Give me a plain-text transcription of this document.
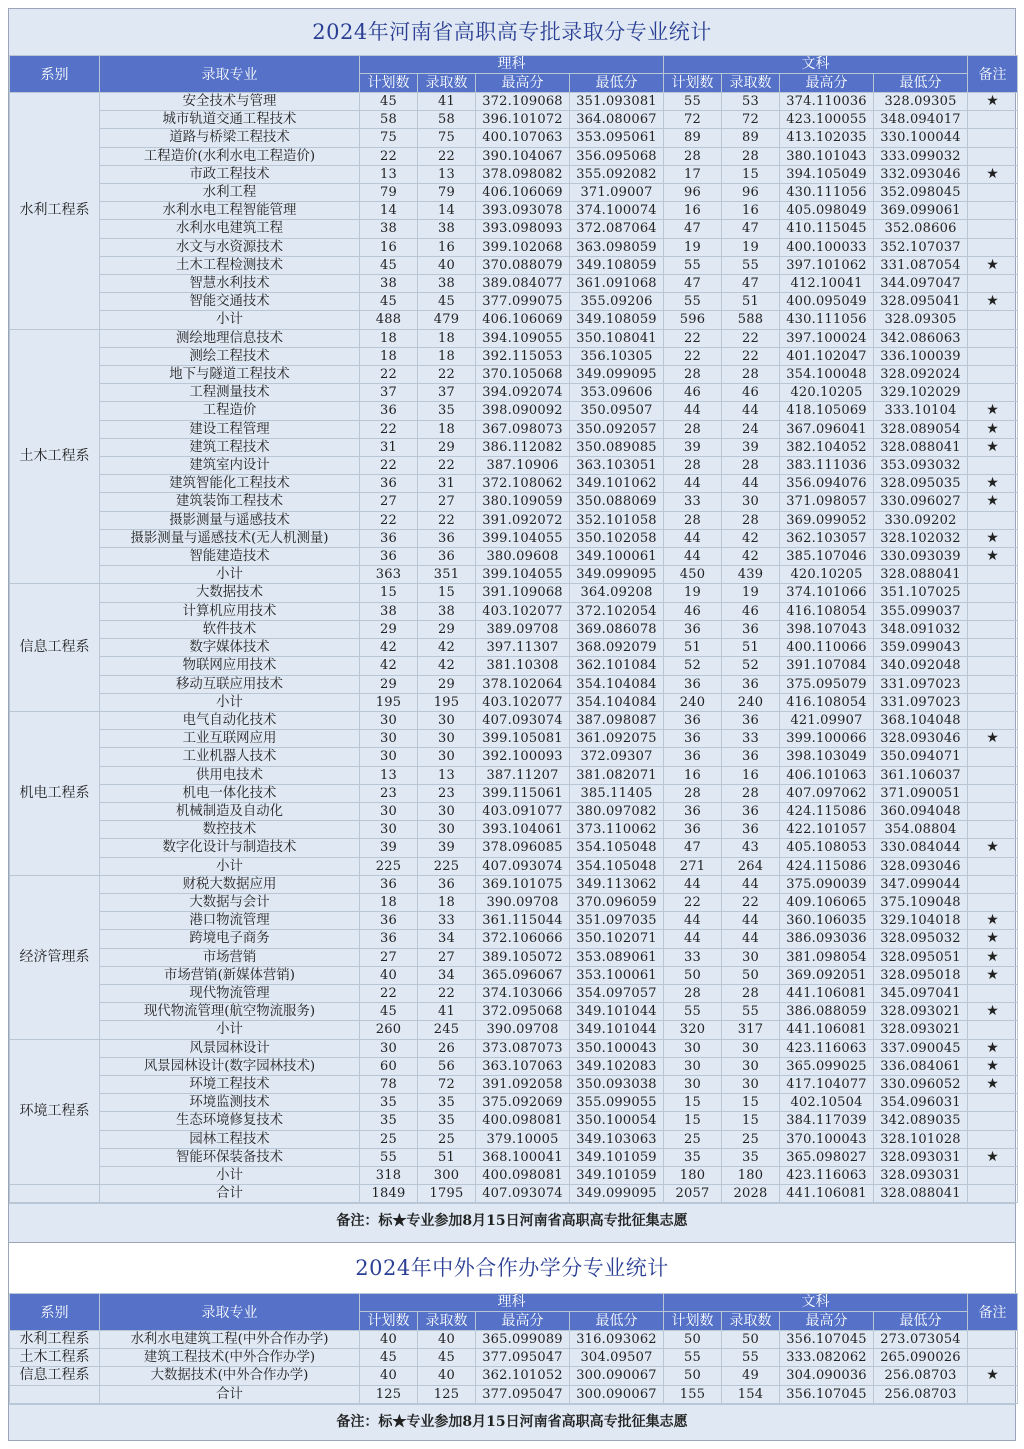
2024年河南省高职高专批录取分专业统计
系别	录取专业	理科				文科				备注
		计划数	录取数	最高分	最低分	计划数	录取数	最高分	最低分	
水利工程系	安全技术与管理	45	41	372.109068	351.093081	55	53	374.110036	328.09305	★
	城市轨道交通工程技术	58	58	396.101072	364.080067	72	72	423.100055	348.094017	
	道路与桥梁工程技术	75	75	400.107063	353.095061	89	89	413.102035	330.100044	
	工程造价(水利水电工程造价)	22	22	390.104067	356.095068	28	28	380.101043	333.099032	
	市政工程技术	13	13	378.098082	355.092082	17	15	394.105049	332.093046	★
	水利工程	79	79	406.106069	371.09007	96	96	430.111056	352.098045	
	水利水电工程智能管理	14	14	393.093078	374.100074	16	16	405.098049	369.099061	
	水利水电建筑工程	38	38	393.098093	372.087064	47	47	410.115045	352.08606	
	水文与水资源技术	16	16	399.102068	363.098059	19	19	400.100033	352.107037	
	土木工程检测技术	45	40	370.088079	349.108059	55	55	397.101062	331.087054	★
	智慧水利技术	38	38	389.084077	361.091068	47	47	412.10041	344.097047	
	智能交通技术	45	45	377.099075	355.09206	55	51	400.095049	328.095041	★
	小计	488	479	406.106069	349.108059	596	588	430.111056	328.09305	
土木工程系	测绘地理信息技术	18	18	394.109055	350.108041	22	22	397.100024	342.086063	
	测绘工程技术	18	18	392.115053	356.10305	22	22	401.102047	336.100039	
	地下与隧道工程技术	22	22	370.105068	349.099095	28	28	354.100048	328.092024	
	工程测量技术	37	37	394.092074	353.09606	46	46	420.10205	329.102029	
	工程造价	36	35	398.090092	350.09507	44	44	418.105069	333.10104	★
	建设工程管理	22	18	367.098073	350.092057	28	24	367.096041	328.089054	★
	建筑工程技术	31	29	386.112082	350.089085	39	39	382.104052	328.088041	★
	建筑室内设计	22	22	387.10906	363.103051	28	28	383.111036	353.093032	
	建筑智能化工程技术	36	31	372.108062	349.101062	44	44	356.094076	328.095035	★
	建筑装饰工程技术	27	27	380.109059	350.088069	33	30	371.098057	330.096027	★
	摄影测量与遥感技术	22	22	391.092072	352.101058	28	28	369.099052	330.09202	
	摄影测量与遥感技术(无人机测量)	36	36	399.104055	350.102058	44	42	362.103057	328.102032	★
	智能建造技术	36	36	380.09608	349.100061	44	42	385.107046	330.093039	★
	小计	363	351	399.104055	349.099095	450	439	420.10205	328.088041	
信息工程系	大数据技术	15	15	391.109068	364.09208	19	19	374.101066	351.107025	
	计算机应用技术	38	38	403.102077	372.102054	46	46	416.108054	355.099037	
	软件技术	29	29	389.09708	369.086078	36	36	398.107043	348.091032	
	数字媒体技术	42	42	397.11307	368.092079	51	51	400.110066	359.099043	
	物联网应用技术	42	42	381.10308	362.101084	52	52	391.107084	340.092048	
	移动互联应用技术	29	29	378.102064	354.104084	36	36	375.095079	331.097023	
	小计	195	195	403.102077	354.104084	240	240	416.108054	331.097023	
机电工程系	电气自动化技术	30	30	407.093074	387.098087	36	36	421.09907	368.104048	
	工业互联网应用	30	30	399.105081	361.092075	36	33	399.100066	328.093046	★
	工业机器人技术	30	30	392.100093	372.09307	36	36	398.103049	350.094071	
	供用电技术	13	13	387.11207	381.082071	16	16	406.101063	361.106037	
	机电一体化技术	23	23	399.115061	385.11405	28	28	407.097062	371.090051	
	机械制造及自动化	30	30	403.091077	380.097082	36	36	424.115086	360.094048	
	数控技术	30	30	393.104061	373.110062	36	36	422.101057	354.08804	
	数字化设计与制造技术	39	39	378.096085	354.105048	47	43	405.108053	330.084044	★
	小计	225	225	407.093074	354.105048	271	264	424.115086	328.093046	
经济管理系	财税大数据应用	36	36	369.101075	349.113062	44	44	375.090039	347.099044	
	大数据与会计	18	18	390.09708	370.096059	22	22	409.106065	375.109048	
	港口物流管理	36	33	361.115044	351.097035	44	44	360.106035	329.104018	★
	跨境电子商务	36	34	372.106066	350.102071	44	44	386.093036	328.095032	★
	市场营销	27	27	389.105072	353.089061	33	30	381.098054	328.095051	★
	市场营销(新媒体营销)	40	34	365.096067	353.100061	50	50	369.092051	328.095018	★
	现代物流管理	22	22	374.103066	354.097057	28	28	441.106081	345.097041	
	现代物流管理(航空物流服务)	45	41	372.095068	349.101044	55	55	386.088059	328.093021	★
	小计	260	245	390.09708	349.101044	320	317	441.106081	328.093021	
环境工程系	风景园林设计	30	26	373.087073	350.100043	30	30	423.116063	337.090045	★
	风景园林设计(数字园林技术)	60	56	363.107063	349.102083	30	30	365.099025	336.084061	★
	环境工程技术	78	72	391.092058	350.093038	30	30	417.104077	330.096052	★
	环境监测技术	35	35	375.092069	355.099055	15	15	402.10504	354.096031	
	生态环境修复技术	35	35	400.098081	350.100054	15	15	384.117039	342.089035	
	园林工程技术	25	25	379.10005	349.103063	25	25	370.100043	328.101028	
	智能环保装备技术	55	51	368.100041	349.101059	35	35	365.098027	328.093031	★
	小计	318	300	400.098081	349.101059	180	180	423.116063	328.093031	
	合计	1849	1795	407.093074	349.099095	2057	2028	441.106081	328.088041	
备注：标★专业参加8月15日河南省高职高专批征集志愿
2024年中外合作办学分专业统计
系别	录取专业	理科				文科				备注
		计划数	录取数	最高分	最低分	计划数	录取数	最高分	最低分	
水利工程系	水利水电建筑工程(中外合作办学)	40	40	365.099089	316.093062	50	50	356.107045	273.073054	
土木工程系	建筑工程技术(中外合作办学)	45	45	377.095047	304.09507	55	55	333.082062	265.090026	
信息工程系	大数据技术(中外合作办学)	40	40	362.101052	300.090067	50	49	304.090036	256.08703	★
	合计	125	125	377.095047	300.090067	155	154	356.107045	256.08703	
备注：标★专业参加8月15日河南省高职高专批征集志愿
